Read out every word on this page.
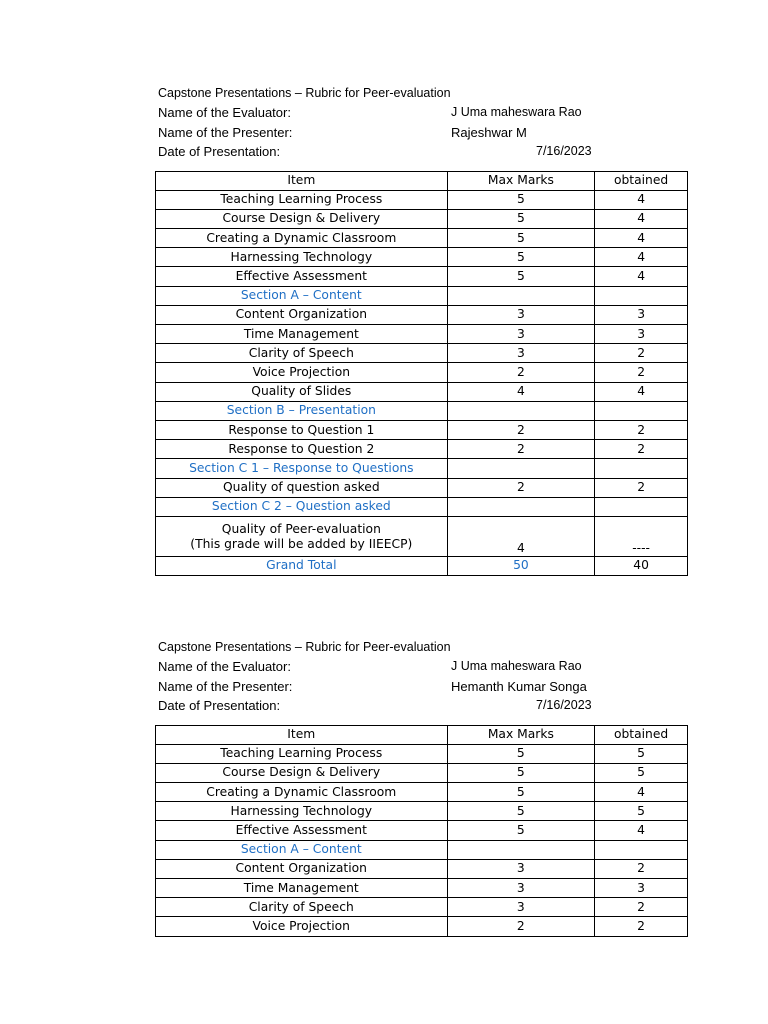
Capstone Presentations – Rubric for Peer-evaluation
Name of the Evaluator:	J Uma maheswara Rao
Name of the Presenter:	Rajeshwar M
Date of Presentation:	7/16/2023
Item	Max Marks	obtained
Teaching Learning Process	5	4
Course Design & Delivery	5	4
Creating a Dynamic Classroom	5	4
Harnessing Technology	5	4
Effective Assessment	5	4
Section A – Content		
Content Organization	3	3
Time Management	3	3
Clarity of Speech	3	2
Voice Projection	2	2
Quality of Slides	4	4
Section B – Presentation		
Response to Question 1	2	2
Response to Question 2	2	2
Section C 1 – Response to Questions		
Quality of question asked	2	2
Section C 2 – Question asked		

Quality of Peer-evaluation
(This grade will be added by IIEECP)	4	----
Grand Total	50	40
Capstone Presentations – Rubric for Peer-evaluation
Name of the Evaluator:	J Uma maheswara Rao
Name of the Presenter:	Hemanth Kumar Songa
Date of Presentation:	7/16/2023
Item	Max Marks	obtained
Teaching Learning Process	5	5
Course Design & Delivery	5	5
Creating a Dynamic Classroom	5	4
Harnessing Technology	5	5
Effective Assessment	5	4
Section A – Content		
Content Organization	3	2
Time Management	3	3
Clarity of Speech	3	2
Voice Projection	2	2
